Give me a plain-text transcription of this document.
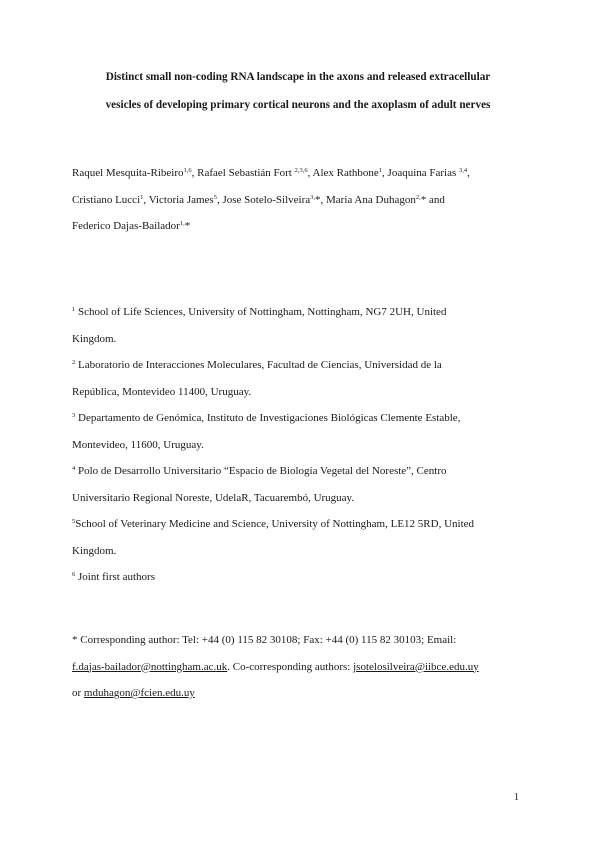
Distinct small non-coding RNA landscape in the axons and released extracellular
vesicles of developing primary cortical neurons and the axoplasm of adult nerves
Raquel Mesquita-Ribeiro$^{1,6}$, Rafael Sebastián Fort $^{2,3,6}$, Alex Rathbone$^1$, Joaquina Farias $^{3,4}$,
Cristiano Lucci$^1$, Victoria James$^5$, Jose Sotelo-Silveira$^{3,}$*, Maria Ana Duhagon$^{2,}$* and
Federico Dajas-Bailador$^{1,}$*
$^1$ School of Life Sciences, University of Nottingham, Nottingham, NG7 2UH, United
Kingdom.
$^2$ Laboratorio de Interacciones Moleculares, Facultad de Ciencias, Universidad de la
República, Montevideo 11400, Uruguay.
$^3$ Departamento de Genómica, Instituto de Investigaciones Biológicas Clemente Estable,
Montevideo, 11600, Uruguay.
$^4$ Polo de Desarrollo Universitario “Espacio de Biología Vegetal del Noreste”, Centro
Universitario Regional Noreste, UdelaR, Tacuarembó, Uruguay.
$^5$School of Veterinary Medicine and Science, University of Nottingham, LE12 5RD, United
Kingdom.
$^6$ Joint first authors
* Corresponding author: Tel: +44 (0) 115 82 30108; Fax: +44 (0) 115 82 30103; Email:
f.dajas-bailador@nottingham.ac.uk. Co-corresponding authors: jsotelosilveira@iibce.edu.uy
or mduhagon@fcien.edu.uy
1
